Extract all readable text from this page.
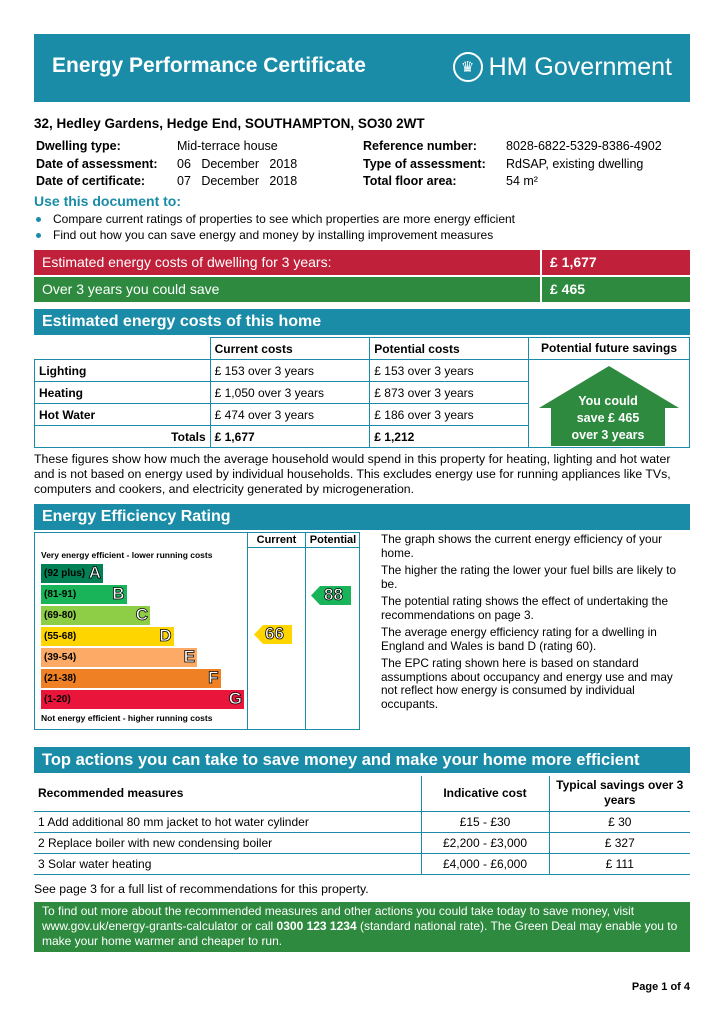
Energy Performance Certificate	♛ HM Government
32, Hedley Gardens, Hedge End, SOUTHAMPTON, SO30 2WT
Dwelling type:	Mid-terrace house
Date of assessment:	06   December   2018
Date of certificate:	07   December   2018
Reference number:	8028-6822-5329-8386-4902
Type of assessment:	RdSAP, existing dwelling
Total floor area:	54 m²
Use this document to:
Compare current ratings of properties to see which properties are more energy efficient
Find out how you can save energy and money by installing improvement measures
Estimated energy costs of dwelling for 3 years:	£ 1,677
Over 3 years you could save	£ 465
Estimated energy costs of this home
	Current costs	Potential costs
Lighting	£ 153 over 3 years	£ 153 over 3 years
Heating	£ 1,050 over 3 years	£ 873 over 3 years
Hot Water	£ 474 over 3 years	£ 186 over 3 years
Totals	£ 1,677	£ 1,212
Potential future savings
You could
save £ 465
over 3 years
These figures show how much the average household would spend in this property for heating, lighting and hot water and is not based on energy used by individual households. This excludes energy use for running appliances like TVs, computers and cookers, and electricity generated by microgeneration.
Energy Efficiency Rating
Current	Potential
Very energy efficient - lower running costs
Not energy efficient - higher running costs
(92 plus) A
(81-91) B
(69-80)	C
(55-68)	D
(39-54)	E
(21-38)	F
(1-20)	G
66
88

The graph shows the current energy efficiency of your home.

The higher the rating the lower your fuel bills are likely to be.

The potential rating shows the effect of undertaking the recommendations on page 3.

The average energy efficiency rating for a dwelling in England and Wales is band D (rating 60).

The EPC rating shown here is based on standard assumptions about occupancy and energy use and may not reflect how energy is consumed by individual occupants.

Top actions you can take to save money and make your home more efficient
Recommended measures	Indicative cost	Typical savings over 3 years
1 Add additional 80 mm jacket to hot water cylinder	£15 - £30	£ 30
2 Replace boiler with new condensing boiler	£2,200 - £3,000	£ 327
3 Solar water heating	£4,000 - £6,000	£ 111
See page 3 for a full list of recommendations for this property.
To find out more about the recommended measures and other actions you could take today to save money, visit
www.gov.uk/energy-grants-calculator or call 0300 123 1234 (standard national rate). The Green Deal may enable you to
make your home warmer and cheaper to run.
Page 1 of 4
